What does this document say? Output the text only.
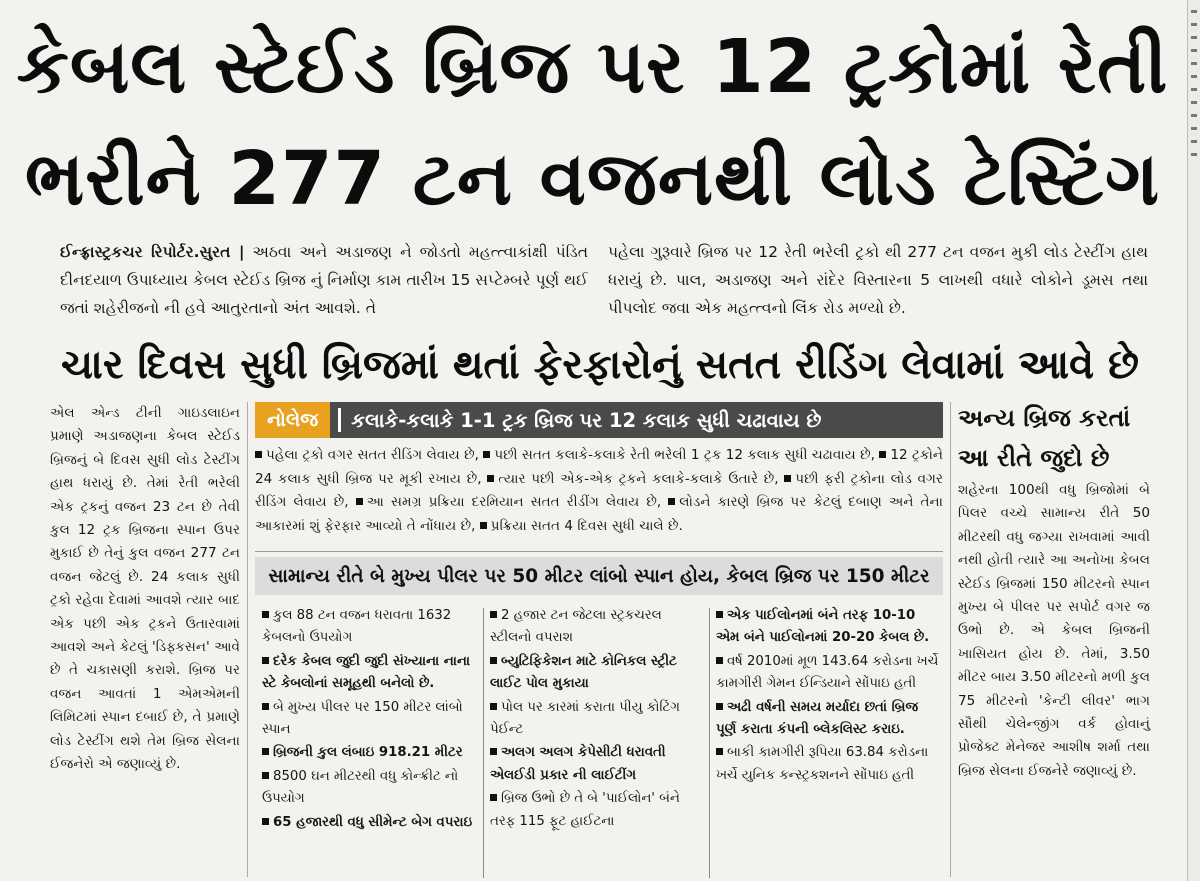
કેબલ સ્ટેઈડ બ્રિજ પર 12 ટ્રકોમાં રેતી
ભરીને 277 ટન વજનથી લોડ ટેસ્ટિંગ
ઈન્ફ્રાસ્ટ્રકચર રિપોર્ટર.સુરત | અઠવા અને અડાજણ ને જોડતો મહત્ત્વાકાંક્ષી પંડિત દીનદયાળ ઉપાધ્યાય કેબલ સ્ટેઈડ બ્રિજ નું નિર્માણ કામ તારીખ 15 સપ્ટેમ્બરે પૂર્ણ થઈ જતાં શહેરીજનો ની હવે આતુરતાનો અંત આવશે. તે
પહેલા ગુરૂવારે બ્રિજ પર 12 રેતી ભરેલી ટ્રકો થી 277 ટન વજન મુકી લોડ ટેસ્ટીંગ હાથ ધરાયું છે. પાલ, અડાજણ અને રાંદેર વિસ્તારના 5 લાખથી વધારે લોકોને ડૂમસ તથા પીપલોદ જવા એક મહત્ત્વનો લિંક રોડ મળ્યો છે.
ચાર દિવસ સુધી બ્રિજમાં થતાં ફેરફારોનું સતત રીડિંગ લેવામાં આવે છે
એલ એન્ડ ટીની ગાઇડલાઇન પ્રમાણે અડાજણના કેબલ સ્ટેઈડ બ્રિજનું બે દિવસ સુધી લોડ ટેસ્ટીંગ હાથ ધરાયું છે. તેમાં રેતી ભરેલી એક ટ્રકનું વજન 23 ટન છે તેવી કુલ 12 ટ્રક બ્રિજના સ્પાન ઉપર મુકાઈ છે તેનું કુલ વજન 277 ટન વજન જેટલું છે. 24 કલાક સુધી ટ્રકો રહેવા દેવામાં આવશે ત્યાર બાદ એક પછી એક ટ્રકને ઉતારવામાં આવશે અને કેટલું 'ડિફ્કસન' આવે છે તે ચકાસણી કરાશે. બ્રિજ પર વજન આવતાં 1 એમએમની લિમિટમાં સ્પાન દબાઈ છે, તે પ્રમાણે લોડ ટેસ્ટીંગ થશે તેમ બ્રિજ સેલના ઈજનેરો એ જણાવ્યું છે.
નોલેજ	કલાકે-કલાકે 1-1 ટ્રક બ્રિજ પર 12 કલાક સુધી ચઢાવાય છે
પહેલા ટ્રકો વગર સતત રીડિંગ લેવાય છે, પછી સતત કલાકે-કલાકે રેતી ભરેલી 1 ટ્રક 12 કલાક સુધી ચઢાવાય છે, 12 ટ્રકોને 24 કલાક સુધી બ્રિજ પર મૂકી રખાય છે, ત્યાર પછી એક-એક ટ્રકને કલાકે-કલાકે ઉતારે છે, પછી ફરી ટ્રકોના લોડ વગર રીડિંગ લેવાય છે, આ સમગ્ર પ્રક્રિયા દરમિયાન સતત રીડીંગ લેવાય છે, લોડને કારણે બ્રિજ પર કેટલું દબાણ અને તેના આકારમાં શું ફેરફાર આવ્યો તે નોંધાય છે, પ્રક્રિયા સતત 4 દિવસ સુધી ચાલે છે.
સામાન્ય રીતે બે મુખ્ય પીલર પર 50 મીટર લાંબો સ્પાન હોય, કેબલ બ્રિજ પર 150 મીટર
કુલ 88 ટન વજન ધરાવતા 1632 કેબલનો ઉપયોગ
દરેક કેબલ જુદી જુદી સંખ્યાના નાના સ્ટે કેબલોનાં સમૂહથી બનેલો છે.
બે મુખ્ય પીલર પર 150 મીટર લાંબો સ્પાન
બ્રિજની કુલ લંબાઇ 918.21 મીટર
8500 ઘન મીટરથી વધુ કોન્ક્રીટ નો ઉપયોગ
65 હજારથી વધુ સીમેન્ટ બેગ વપરાઇ
2 હજાર ટન જેટલા સ્ટ્રકચરલ સ્ટીલનો વપરાશ
બ્યુટિફિકેશન માટે કોનિકલ સ્ટ્રીટ લાઈટ પોલ મુકાયા
પોલ પર કારમાં કરાતા પીયુ કોટિંગ પેઈન્ટ
અલગ અલગ કેપેસીટી ધરાવતી એલઈડી પ્રકાર ની લાઈટીંગ
બ્રિજ ઉભો છે તે બે 'પાઈલોન' બંને તરફ 115 ફૂટ હાઈટના
એક પાઈલોનમાં બંને તરફ 10-10 એમ બંને પાઈલોનમાં 20-20 કેબલ છે.
વર્ષ 2010માં મૂળ 143.64 કરોડના ખર્ચે કામગીરી ગેમન ઈન્ડિયાને સોંપાઇ હતી
અઢી વર્ષની સમય મર્યાદા છતાં બ્રિજ પૂર્ણ કરાતા કંપની બ્લેકલિસ્ટ કરાઇ.
બાકી કામગીરી રૂપિયા 63.84 કરોડના ખર્ચે યુનિક કન્સ્ટ્રકશનને સોંપાઇ હતી
અન્ય બ્રિજ કરતાં
આ રીતે જુદો છે
શહેરના 100થી વધુ બ્રિજોમાં બે પિલર વચ્ચે સામાન્ય રીતે 50 મીટરથી વધુ જગ્યા રાખવામાં આવી નથી હોતી ત્યારે આ અનોખા કેબલ સ્ટેઈડ બ્રિજમાં 150 મીટરનો સ્પાન મુખ્ય બે પીલર પર સપોર્ટ વગર જ ઉભો છે. એ કેબલ બ્રિજની ખાસિયત હોય છે. તેમાં, 3.50 મીટર બાય 3.50 મીટરનો મળી કુલ 75 મીટરનો 'કેન્ટી લીવર' ભાગ સૌથી ચેલેન્જીંગ વર્ક હોવાનું પ્રોજેક્ટ મેનેજર આશીષ શર્મા તથા બ્રિજ સેલના ઈજનેરે જણાવ્યું છે.
